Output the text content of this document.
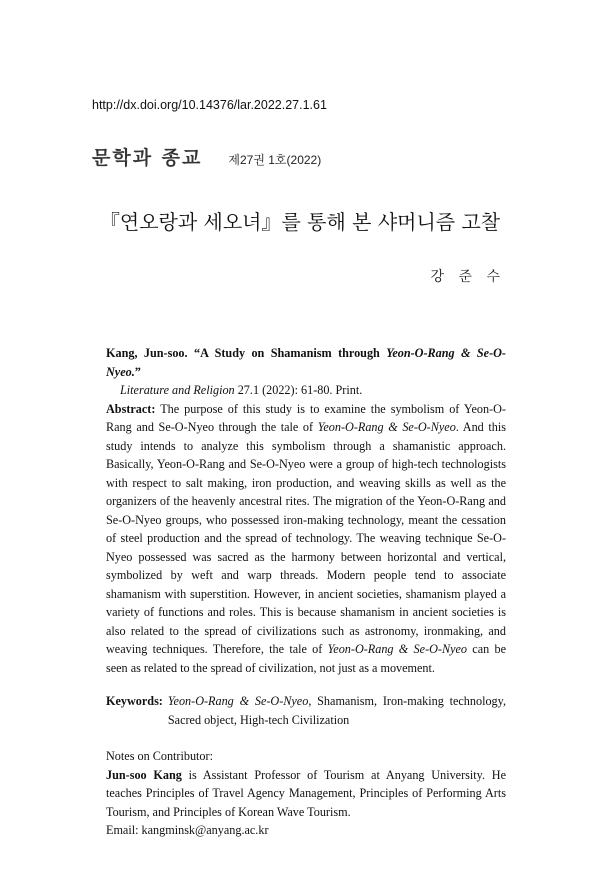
http://dx.doi.org/10.14376/lar.2022.27.1.61
문학과 종교 제27권 1호(2022)
『연오랑과 세오녀』를 통해 본 샤머니즘 고찰
강 준 수

Kang, Jun-soo. “A Study on Shamanism through Yeon-O-Rang & Se-O-Nyeo.”

Literature and Religion 27.1 (2022): 61-80. Print.

Abstract: The purpose of this study is to examine the symbolism of Yeon-O-Rang and Se-O-Nyeo through the tale of Yeon-O-Rang & Se-O-Nyeo. And this study intends to analyze this symbolism through a shamanistic approach. Basically, Yeon-O-Rang and Se-O-Nyeo were a group of high-tech technologists with respect to salt making, iron production, and weaving skills as well as the organizers of the heavenly ancestral rites. The migration of the Yeon-O-Rang and Se-O-Nyeo groups, who possessed iron-making technology, meant the cessation of steel production and the spread of technology. The weaving technique Se-O-Nyeo possessed was sacred as the harmony between horizontal and vertical, symbolized by weft and warp threads. Modern people tend to associate shamanism with superstition. However, in ancient societies, shamanism played a variety of functions and roles. This is because shamanism in ancient societies is also related to the spread of civilizations such as astronomy, ironmaking, and weaving techniques. Therefore, the tale of Yeon-O-Rang & Se-O-Nyeo can be seen as related to the spread of civilization, not just as a movement.

Keywords: Yeon-O-Rang & Se-O-Nyeo, Shamanism, Iron-making technology, Sacred object, High-tech Civilization

Notes on Contributor:

Jun-soo Kang is Assistant Professor of Tourism at Anyang University. He teaches Principles of Travel Agency Management, Principles of Performing Arts Tourism, and Principles of Korean Wave Tourism.

Email: kangminsk@anyang.ac.kr
